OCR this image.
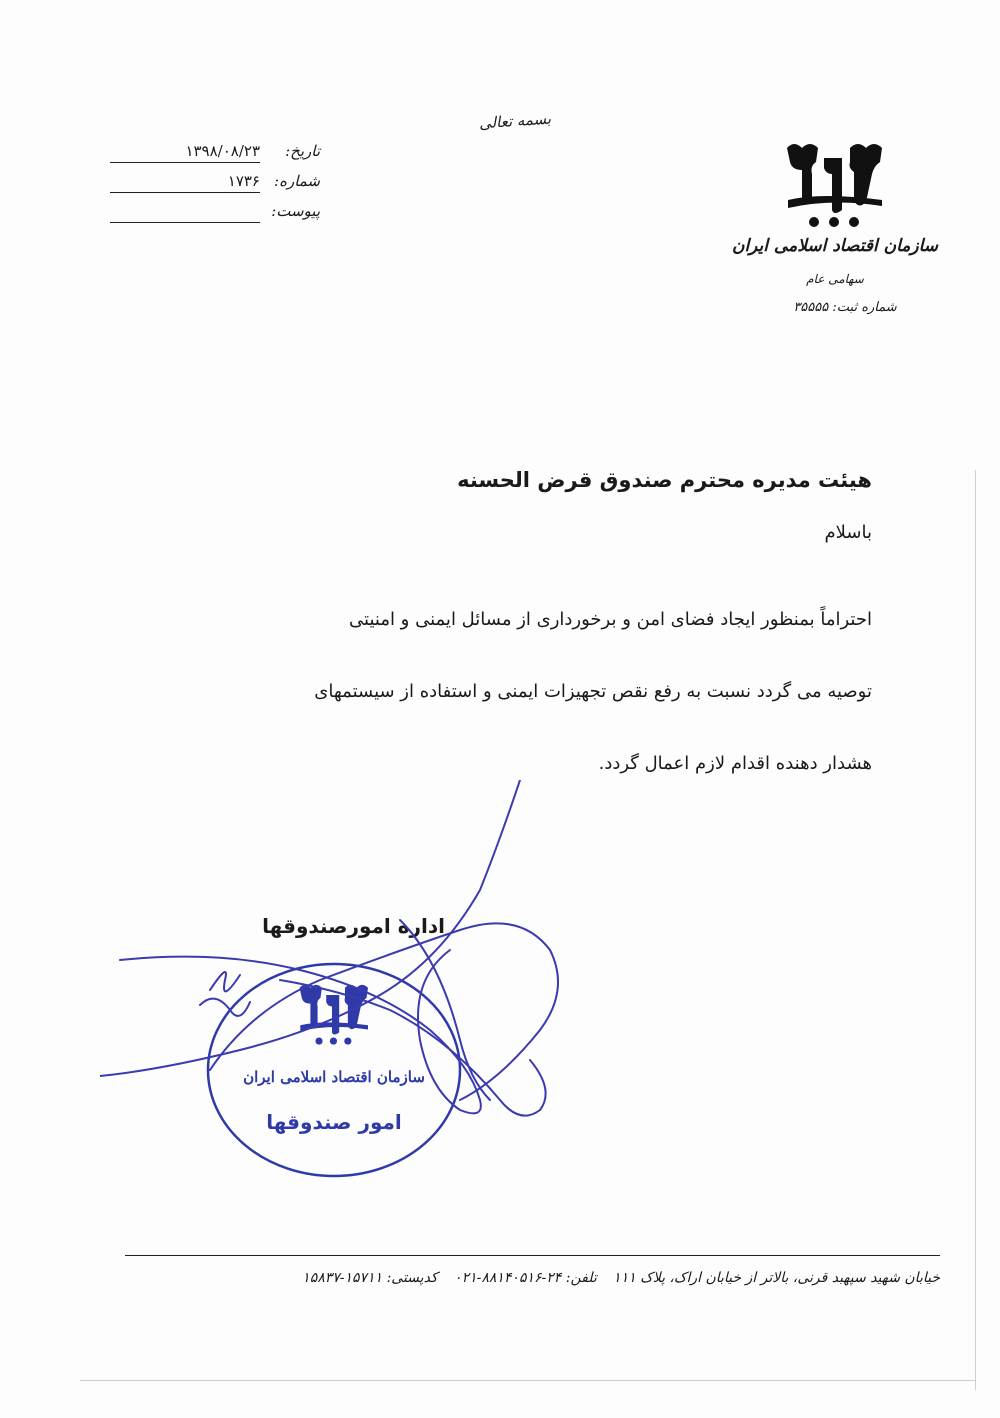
بسمه تعالی
سازمان اقتصاد اسلامی ایران
سهامی عام
شماره ثبت: ۳۵۵۵۵
۱۳۹۸/۰۸/۲۳	تاریخ:
۱۷۳۶ شماره:
پیوست:
هیئت مدیره محترم صندوق قرض الحسنه
باسلام
احتراماً بمنظور ایجاد فضای امن و برخورداری از مسائل ایمنی و امنیتی
توصیه می گردد نسبت به رفع نقص تجهیزات ایمنی و استفاده از سیستمهای
هشدار دهنده اقدام لازم اعمال گردد.
اداره امورصندوقها
سازمان اقتصاد اسلامی ایران
امور صندوقها
خیابان شهید سپهبد قرنی، بالاتر از خیابان اراک، پلاک ۱۱۱ تلفن: ۲۴-۸۸۱۴۰۵۱۶-۰۲۱ کدپستی: ۱۵۷۱۱-۱۵۸۳۷
